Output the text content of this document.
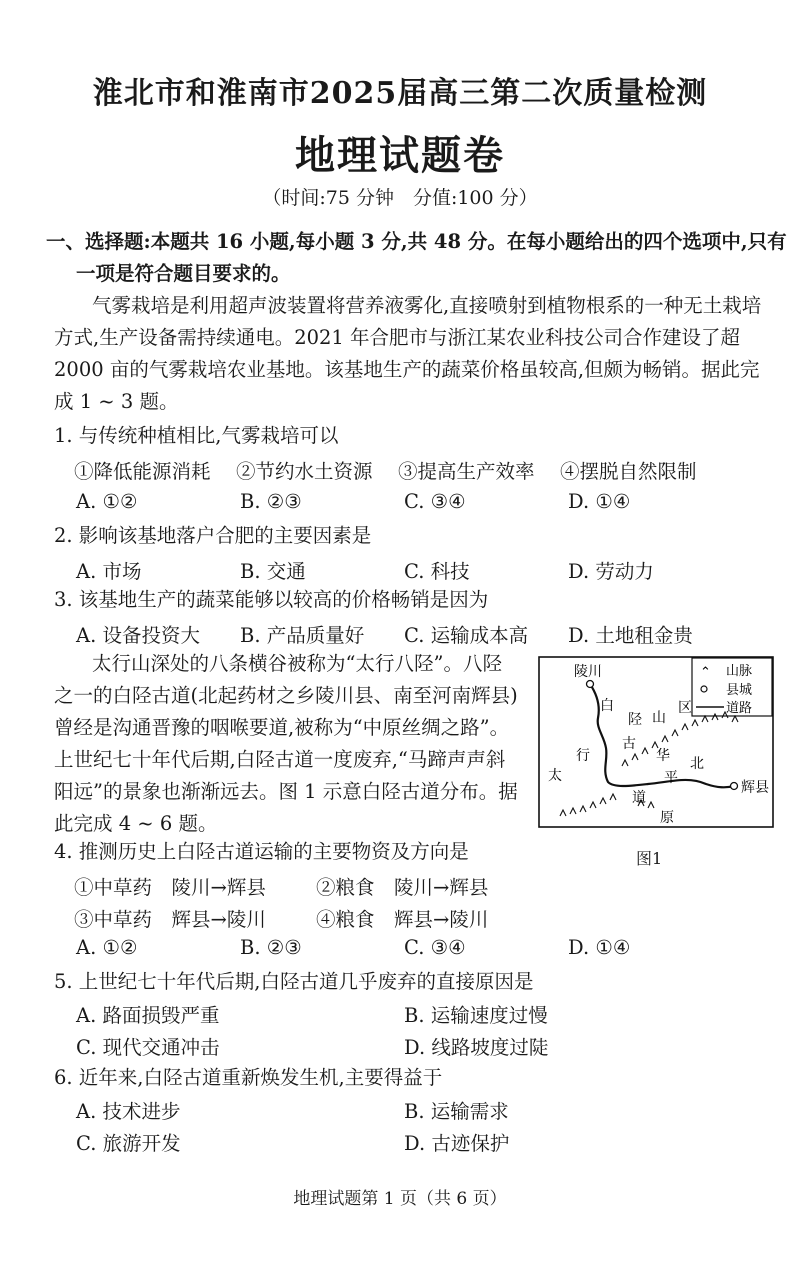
淮北市和淮南市2025届高三第二次质量检测
地理试题卷
（时间:75 分钟　分值:100 分）
一、选择题:本题共 16 小题,每小题 3 分,共 48 分。在每小题给出的四个选项中,只有
一项是符合题目要求的。
气雾栽培是利用超声波装置将营养液雾化,直接喷射到植物根系的一种无土栽培
方式,生产设备需持续通电。2021 年合肥市与浙江某农业科技公司合作建设了超
2000 亩的气雾栽培农业基地。该基地生产的蔬菜价格虽较高,但颇为畅销。据此完
成 1 ~ 3 题。
1. 与传统种植相比,气雾栽培可以
①降低能源消耗 ②节约水土资源 ③提高生产效率 ④摆脱自然限制
A. ①②	B. ②③	C. ③④	D. ①④
2. 影响该基地落户合肥的主要因素是
A. 市场	B. 交通	C. 科技	D. 劳动力
3. 该基地生产的蔬菜能够以较高的价格畅销是因为
A. 设备投资大 B. 产品质量好 C. 运输成本高 D. 土地租金贵
太行山深处的八条横谷被称为“太行八陉”。八陉
之一的白陉古道(北起药材之乡陵川县、南至河南辉县)
曾经是沟通晋豫的咽喉要道,被称为“中原丝绸之路”。
上世纪七十年代后期,白陉古道一度废弃,“马蹄声声斜
阳远”的景象也渐渐远去。图 1 示意白陉古道分布。据
此完成 4 ~ 6 题。
⌃ 山脉
县城
道路
陵川
辉县
白
陉 山
区
太
行
古
华 北
平
道
原
图1
4. 推测历史上白陉古道运输的主要物资及方向是
①中草药　陵川→辉县	②粮食　陵川→辉县
③中草药　辉县→陵川	④粮食　辉县→陵川
A. ①②	B. ②③	C. ③④	D. ①④
5. 上世纪七十年代后期,白陉古道几乎废弃的直接原因是
A. 路面损毁严重	B. 运输速度过慢
C. 现代交通冲击	D. 线路坡度过陡
6. 近年来,白陉古道重新焕发生机,主要得益于
A. 技术进步	B. 运输需求
C. 旅游开发	D. 古迹保护
地理试题第 1 页（共 6 页）
